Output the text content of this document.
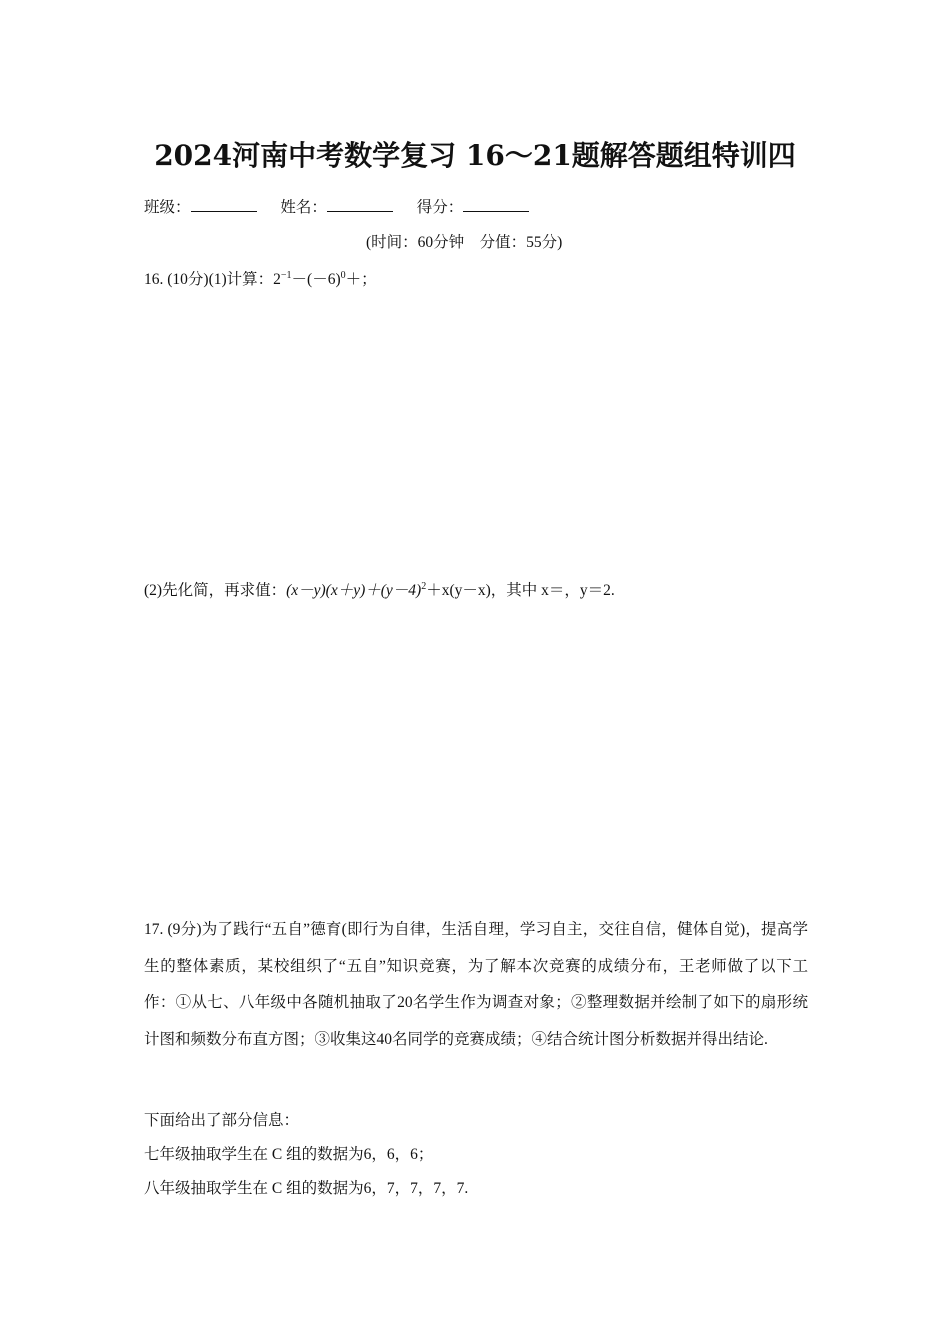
2024河南中考数学复习 16～21题解答题组特训四
班级：	姓名：	得分：
(时间：60分钟　分值：55分)
16. (10分)(1)计算：$2^{-1}-(-6)^0+$；
(2)先化简，再求值：$(x-y)(x+y)+(y-4)^2+x(y-x)$，其中 x＝，y＝2.
17. (9分)为了践行“五自”德育(即行为自律，生活自理，学习自主，交往自信，健体自觉)，提高学生的整体素质，某校组织了“五自”知识竞赛，为了解本次竞赛的成绩分布，王老师做了以下工作：①从七、八年级中各随机抽取了20名学生作为调查对象；②整理数据并绘制了如下的扇形统计图和频数分布直方图；③收集这40名同学的竞赛成绩；④结合统计图分析数据并得出结论.
下面给出了部分信息：
七年级抽取学生在 C 组的数据为6，6，6；
八年级抽取学生在 C 组的数据为6，7，7，7，7.
